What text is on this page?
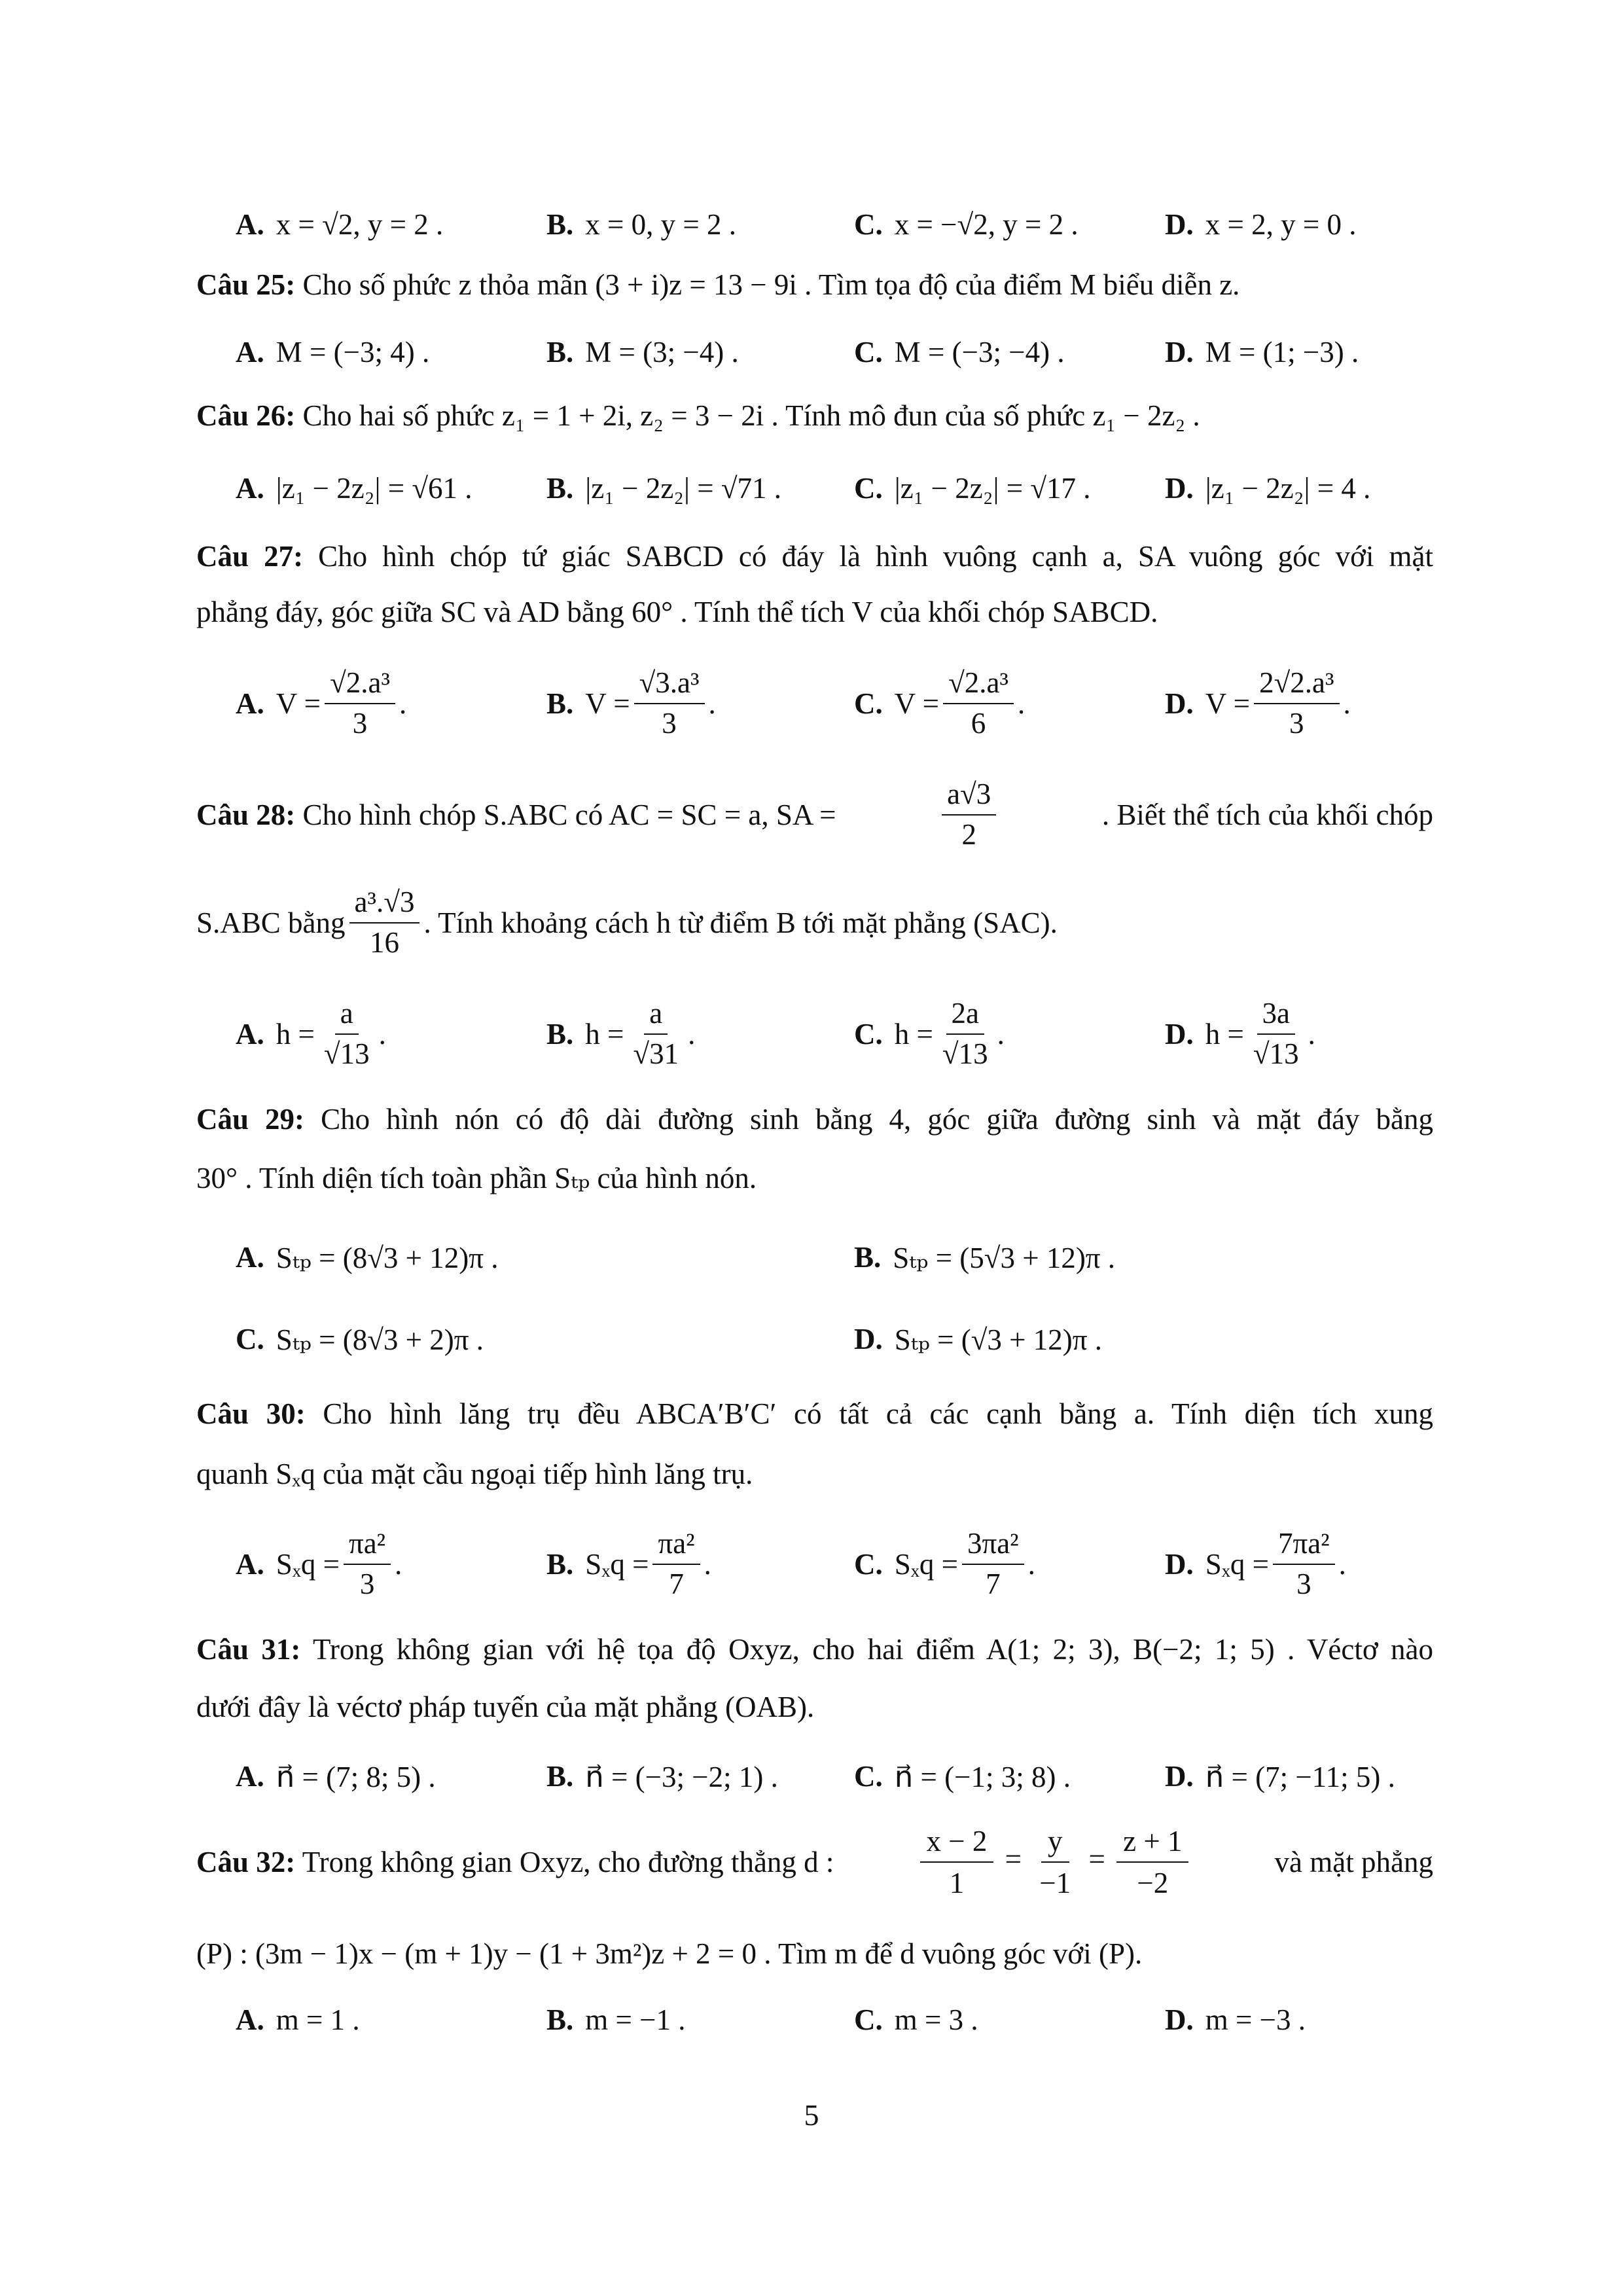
A. x = √2, y = 2 .	B. x = 0, y = 2 .	C. x = −√2, y = 2 .	D. x = 2, y = 0 .
Câu 25: Cho số phức z thỏa mãn (3 + i)z = 13 − 9i . Tìm tọa độ của điểm M biểu diễn z.
A. M = (−3; 4) .	B. M = (3; −4) .	C. M = (−3; −4) .	D. M = (1; −3) .
Câu 26: Cho hai số phức z₁ = 1 + 2i, z₂ = 3 − 2i . Tính mô đun của số phức z₁ − 2z₂ .
A. |z₁ − 2z₂| = √61 .	B. |z₁ − 2z₂| = √71 . C. |z₁ − 2z₂| = √17 .	D. |z₁ − 2z₂| = 4 .
Câu 27: Cho hình chóp tứ giác SABCD có đáy là hình vuông cạnh a, SA vuông góc với mặt
phẳng đáy, góc giữa SC và AD bằng 60° . Tính thể tích V của khối chóp SABCD.
A. $V = \frac{\text{√2.a³}}{3}$ .	B. $V = \frac{\text{√3.a³}}{3}$ .	C. $V = \frac{\text{√2.a³}}{6}$ .	D. $V = \frac{\text{2√2.a³}}{3}$ .
Câu 28: Cho hình chóp S.ABC có AC = SC = a, SA =	$\frac{a√3}{2}$	. Biết thể tích của khối chóp
S.ABC bằng $\frac{\text{a³.√3}}{16}$ . Tính khoảng cách h từ điểm B tới mặt phẳng (SAC).
A. $h = \frac{a}{√13}$ .	B. $h = \frac{a}{√31}$ .	C. $h = \frac{2a}{√13}$ .	D. $h = \frac{3a}{√13}$ .
Câu 29: Cho hình nón có độ dài đường sinh bằng 4, góc giữa đường sinh và mặt đáy bằng
30° . Tính diện tích toàn phần Sₜₚ của hình nón.
A. Sₜₚ = (8√3 + 12)π .	B. Sₜₚ = (5√3 + 12)π .
C. Sₜₚ = (8√3 + 2)π .	D. Sₜₚ = (√3 + 12)π .
Câu 30: Cho hình lăng trụ đều ABCA′B′C′ có tất cả các cạnh bằng a. Tính diện tích xung
quanh Sₓq của mặt cầu ngoại tiếp hình lăng trụ.
A. $S_xq = \frac{\text{πa²}}{3}$ .	B. $S_xq = \frac{\text{πa²}}{7}$ .	C. $S_xq = \frac{\text{3πa²}}{7}$ .	D. $S_xq = \frac{\text{7πa²}}{3}$ .
Câu 31: Trong không gian với hệ tọa độ Oxyz, cho hai điểm A(1; 2; 3), B(−2; 1; 5) . Véctơ nào
dưới đây là véctơ pháp tuyến của mặt phẳng (OAB).
A. n⃗ = (7; 8; 5) .	B. n⃗ = (−3; −2; 1) .	C. n⃗ = (−1; 3; 8) .	D. n⃗ = (7; −11; 5) .
Câu 32: Trong không gian Oxyz, cho đường thẳng d :	$\frac{x - 2}{1} = \frac{y}{-1} = \frac{z + 1}{-2}$	và mặt phẳng
(P) : (3m − 1)x − (m + 1)y − (1 + 3m²)z + 2 = 0 . Tìm m để d vuông góc với (P).
A. m = 1 .	B. m = −1 .	C. m = 3 .	D. m = −3 .
5
